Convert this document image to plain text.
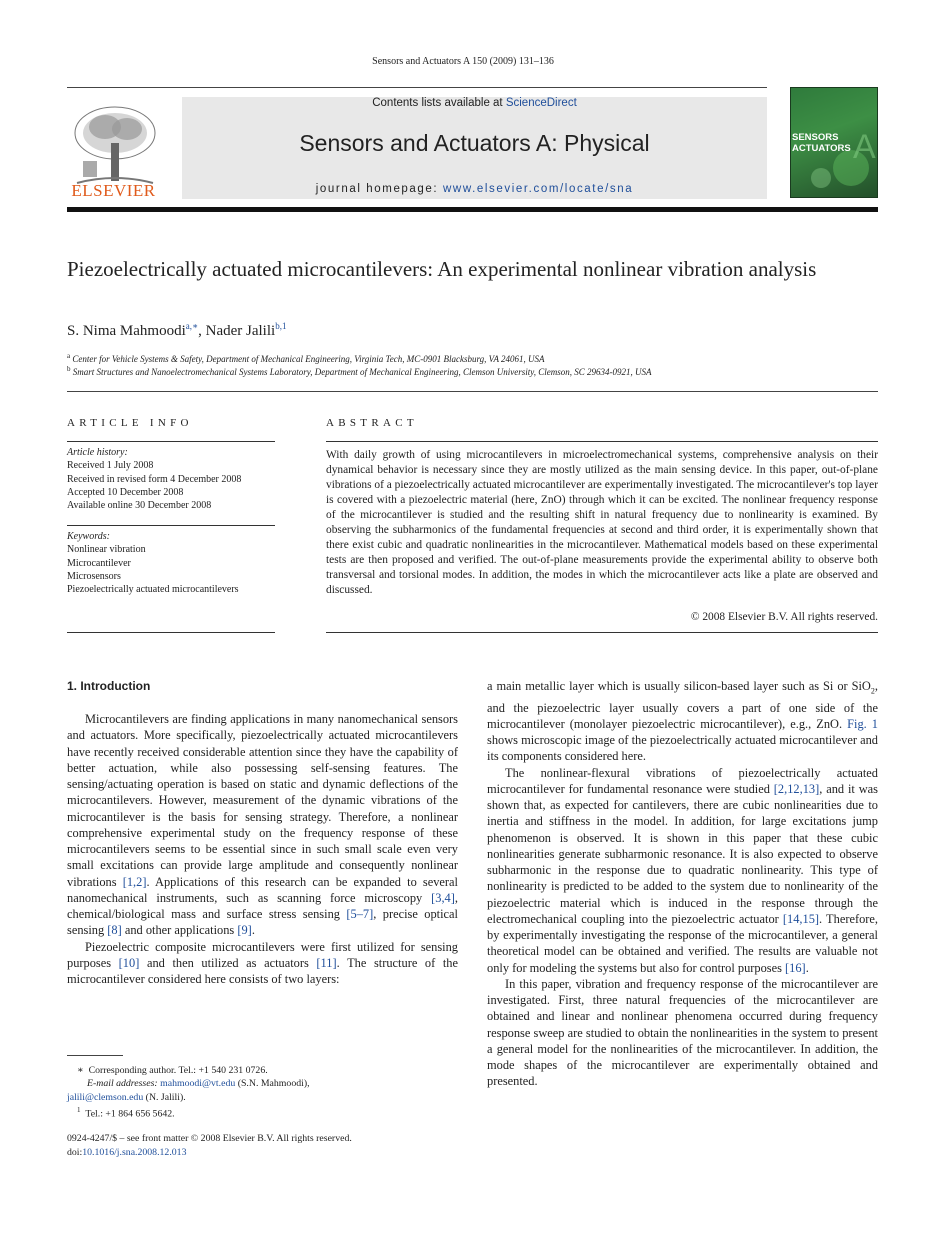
Sensors and Actuators A 150 (2009) 131–136
ELSEVIER
Contents lists available at ScienceDirect
Sensors and Actuators A: Physical
journal homepage: www.elsevier.com/locate/sna
A
SENSORS
ACTUATORS
Piezoelectrically actuated microcantilevers: An experimental nonlinear vibration analysis
S. Nima Mahmoodi$^{a,∗}$, Nader Jalili$^{b,1}$
$^a$ Center for Vehicle Systems & Safety, Department of Mechanical Engineering, Virginia Tech, MC-0901 Blacksburg, VA 24061, USA
$^b$ Smart Structures and Nanoelectromechanical Systems Laboratory, Department of Mechanical Engineering, Clemson University, Clemson, SC 29634-0921, USA
ARTICLE INFO
Article history:
Received 1 July 2008
Received in revised form 4 December 2008
Accepted 10 December 2008
Available online 30 December 2008
Keywords:
Nonlinear vibration
Microcantilever
Microsensors
Piezoelectrically actuated microcantilevers
ABSTRACT
With daily growth of using microcantilevers in microelectromechanical systems, comprehensive analysis on their dynamical behavior is necessary since they are mostly utilized as the main sensing device. In this paper, out-of-plane vibrations of a piezoelectrically actuated microcantilever are experimentally investigated. The microcantilever's top layer is covered with a piezoelectric material (here, ZnO) through which it can be excited. The nonlinear frequency response of the microcantilever is studied and the resulting shift in natural frequency due to nonlinearity is examined. By observing the subharmonics of the fundamental frequencies at second and third order, it is experimentally shown that there exist cubic and quadratic nonlinearities in the microcantilever. Mathematical models based on these experimental tests are then proposed and verified. The out-of-plane measurements provide the experimental ability to observe both transversal and torsional modes. In addition, the modes in which the microcantilever acts like a plate are observed and discussed.
© 2008 Elsevier B.V. All rights reserved.
1. Introduction

Microcantilevers are finding applications in many nanomechanical sensors and actuators. More specifically, piezoelectrically actuated microcantilevers have recently received considerable attention since they have the capability of better actuation, while also possessing self-sensing features. The sensing/actuating operation is based on static and dynamic deflections of the microcantilevers. However, measurement of the dynamic vibrations of the microcantilever is the basis for sensing strategy. Therefore, a nonlinear comprehensive experimental study on the frequency response of these microcantilevers seems to be essential since in such small scale even very small excitations can provide large amplitude and consequently nonlinear vibrations [1,2]. Applications of this research can be expanded to several nanomechanical instruments, such as scanning force microscopy [3,4], chemical/biological mass and surface stress sensing [5–7], precise optical sensing [8] and other applications [9].

Piezoelectric composite microcantilevers were first utilized for sensing purposes [10] and then utilized as actuators [11]. The structure of the microcantilever considered here consists of two layers:

a main metallic layer which is usually silicon-based layer such as Si or SiO$_2$, and the piezoelectric layer usually covers a part of one side of the microcantilever (monolayer piezoelectric microcantilever), e.g., ZnO. Fig. 1 shows microscopic image of the piezoelectrically actuated microcantilever and its components considered here.

The nonlinear-flexural vibrations of piezoelectrically actuated microcantilever for fundamental resonance were studied [2,12,13], and it was shown that, as expected for cantilevers, there are cubic nonlinearities due to inertia and stiffness in the model. In addition, for large excitations jump phenomenon is observed. It is shown in this paper that these cubic nonlinearities generate subharmonic resonance. It is also expected to observe subharmonic in the response due to quadratic nonlinearity. This type of nonlinearity is predicted to be added to the system due to nonlinearity of the piezoelectric material which is induced in the response through the electromechanical coupling into the piezoelectric actuator [14,15]. Therefore, by experimentally investigating the response of the microcantilever, a general theoretical model can be obtained and verified. The results are valuable not only for modeling the systems but also for control purposes [16].

In this paper, vibration and frequency response of the microcantilever are investigated. First, three natural frequencies of the microcantilever are obtained and linear and nonlinear phenomena occurred during frequency response sweep are studied to obtain the nonlinearities in the system to present a general model for the nonlinearities of the microcantilever. In addition, the mode shapes of the microcantilever are experimentally obtained and presented.

∗ Corresponding author. Tel.: +1 540 231 0726.
E-mail addresses: mahmoodi@vt.edu (S.N. Mahmoodi),
jalili@clemson.edu (N. Jalili).
$^1$ Tel.: +1 864 656 5642.
0924-4247/$ – see front matter © 2008 Elsevier B.V. All rights reserved.
doi:10.1016/j.sna.2008.12.013
